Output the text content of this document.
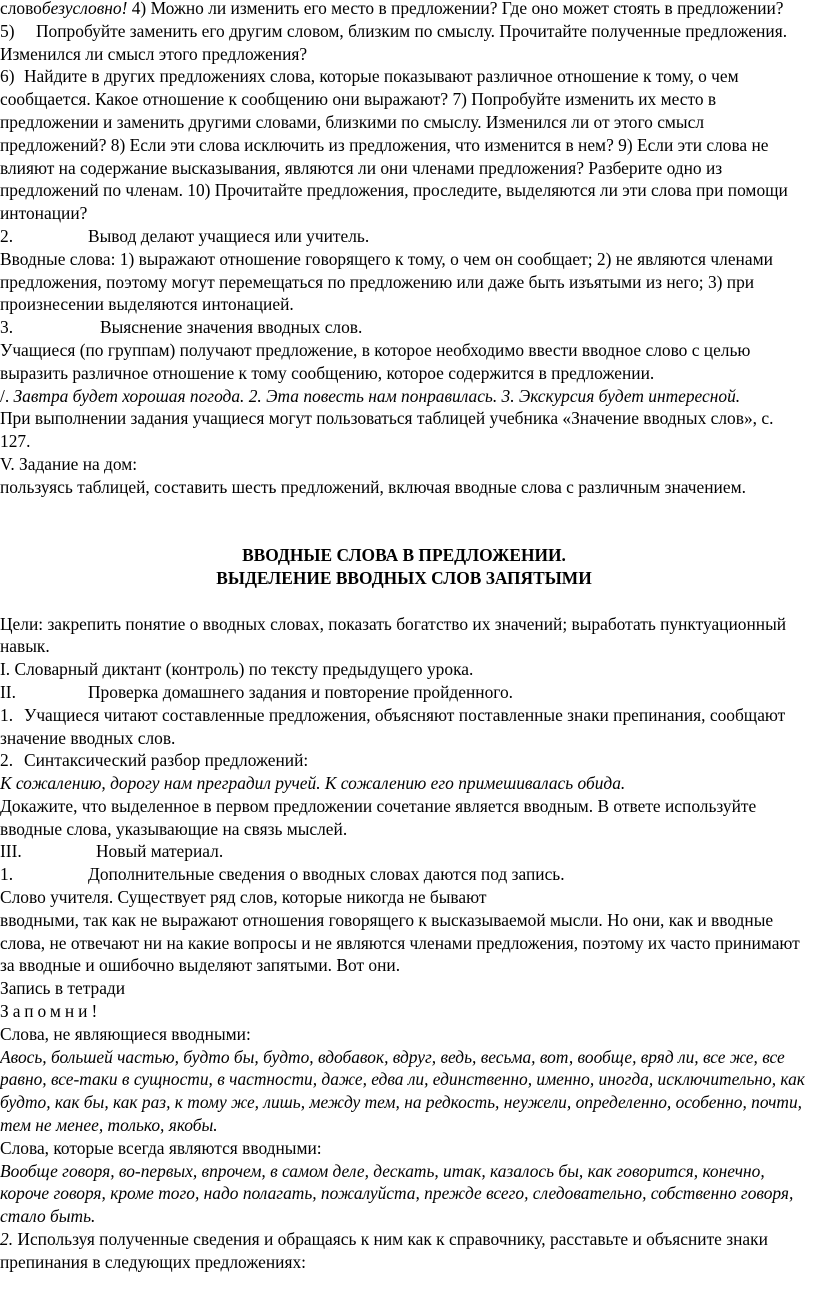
словобезусловно! 4) Можно ли изменить его место в предложении? Где оно может стоять в предложении?

5) Попробуйте заменить его другим словом, близким по смыслу. Прочитайте полученные предложения. Изменился ли смысл этого предложения?

6) Найдите в других предложениях слова, которые показывают различное отношение к тому, о чем сообщается. Какое отношение к сообщению они выражают? 7) Попробуйте изменить их место в предложении и заменить другими словами, близкими по смыслу. Изменился ли от этого смысл предложений? 8) Если эти слова исключить из предложения, что изменится в нем? 9) Если эти слова не влияют на содержание высказывания, являются ли они членами предложения? Разберите одно из предложений по членам. 10) Прочитайте предложения, проследите, выделяются ли эти слова при помощи интонации?

2.	Вывод делают учащиеся или учитель.

Вводные слова: 1) выражают отношение говорящего к тому, о чем он сообщает; 2) не являются членами предложения, поэтому могут перемещаться по предложению или даже быть изъятыми из него; 3) при произнесении выделяются интонацией.

3.	Выяснение значения вводных слов.

Учащиеся (по группам) получают предложение, в которое необходимо ввести вводное слово с целью выразить различное отношение к тому сообщению, которое содержится в предложении.

/. Завтра будет хорошая погода. 2. Эта повесть нам понравилась. 3. Экскурсия будет интересной.

При выполнении задания учащиеся могут пользоваться таблицей учебника «Значение вводных слов», с. 127.

V. Задание на дом:

пользуясь таблицей, составить шесть предложений, включая вводные слова с различным значением.

ВВОДНЫЕ СЛОВА В ПРЕДЛОЖЕНИИ.

ВЫДЕЛЕНИЕ ВВОДНЫХ СЛОВ ЗАПЯТЫМИ

Цели: закрепить понятие о вводных словах, показать богатство их значений; выработать пунктуационный навык.

I. Словарный диктант (контроль) по тексту предыдущего урока.

II.	Проверка домашнего задания и повторение пройденного.

1. Учащиеся читают составленные предложения, объясняют поставленные знаки препинания, сообщают значение вводных слов.

2. Синтаксический разбор предложений:

К сожалению, дорогу нам преградил ручей. К сожалению его примешивалась обида.

Докажите, что выделенное в первом предложении сочетание является вводным. В ответе используйте вводные слова, указывающие на связь мыслей.

III.	Новый материал.

1.	Дополнительные сведения о вводных словах даются под запись.

Слово учителя. Существует ряд слов, которые никогда не бывают

вводными, так как не выражают отношения говорящего к высказываемой мысли. Но они, как и вводные слова, не отвечают ни на какие вопросы и не являются членами предложения, поэтому их часто принимают за вводные и ошибочно выделяют запятыми. Вот они.

Запись в тетради

Запомни!

Слова, не являющиеся вводными:

Авось, большей частью, будто бы, будто, вдобавок, вдруг, ведь, весьма, вот, вообще, вряд ли, все же, все равно, все-таки в сущности, в частности, даже, едва ли, единственно, именно, иногда, исключительно, как будто, как бы, как раз, к тому же, лишь, между тем, на редкость, неужели, определенно, особенно, почти, тем не менее, только, якобы.

Слова, которые всегда являются вводными:

Вообще говоря, во-первых, впрочем, в самом деле, дескать, итак, казалось бы, как говорится, конечно, короче говоря, кроме того, надо полагать, пожалуйста, прежде всего, следовательно, собственно говоря, стало быть.

2. Используя полученные сведения и обращаясь к ним как к справочнику, расставьте и объясните знаки препинания в следующих предложениях:
